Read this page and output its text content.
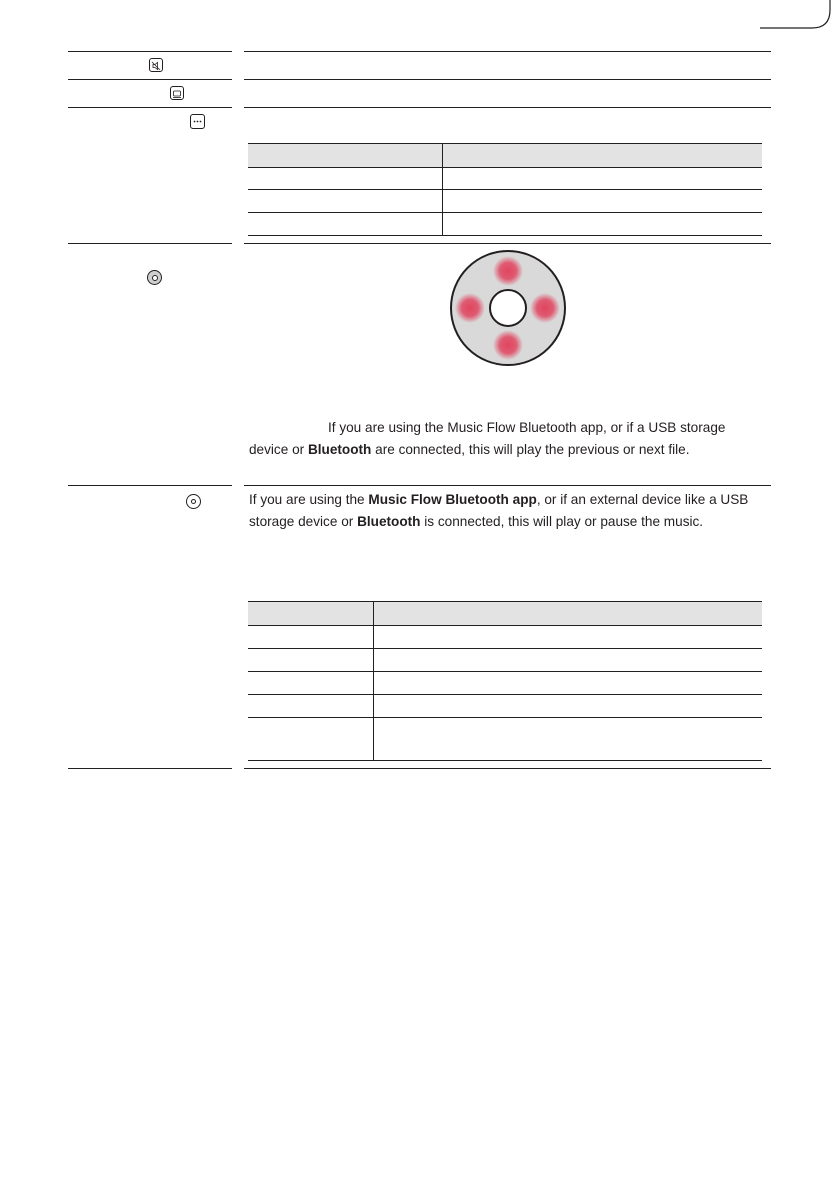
If you are using the Music Flow Bluetooth app, or if a USB storage
device or Bluetooth are connected, this will play the previous or next file.
If you are using the Music Flow Bluetooth app, or if an external device like a USB
storage device or Bluetooth is connected, this will play or pause the music.
